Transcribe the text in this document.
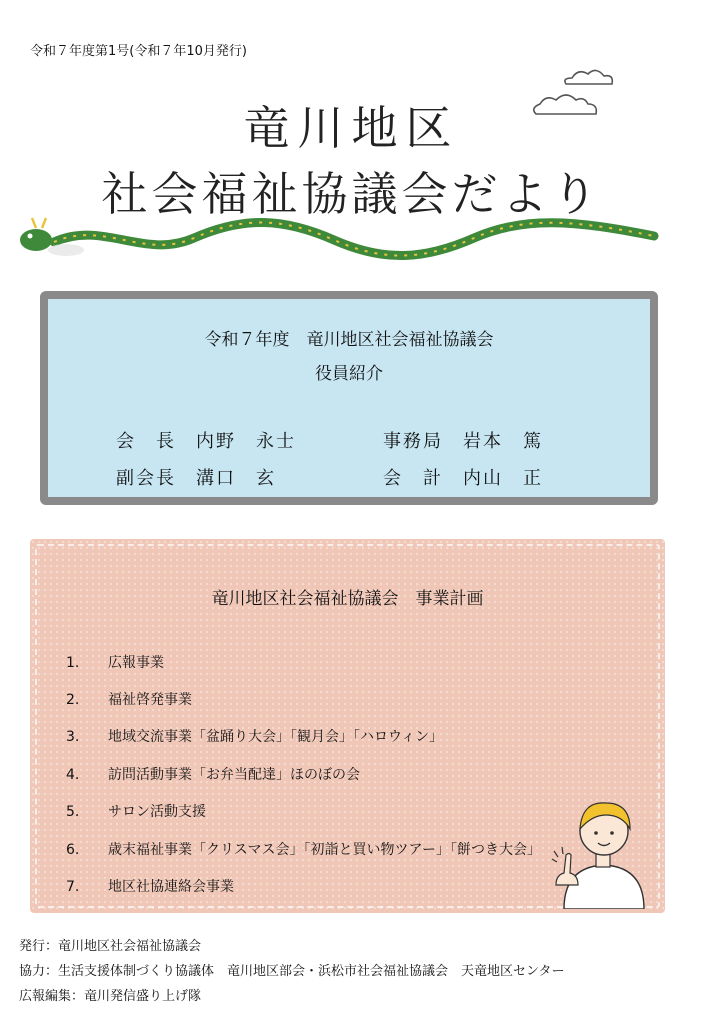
令和７年度第1号(令和７年10月発行)
竜川地区
社会福祉協議会だより
令和７年度　竜川地区社会福祉協議会
役員紹介
会　長　内野　永士
副会長　溝口　玄
事務局　岩本　篤
会　計　内山　正
竜川地区社会福祉協議会　事業計画
1. 広報事業
2. 福祉啓発事業
3. 地域交流事業「盆踊り大会」「観月会」「ハロウィン」
4. 訪問活動事業「お弁当配達」ほのぼの会
5. サロン活動支援
6. 歳末福祉事業「クリスマス会」「初詣と買い物ツアー」「餅つき大会」
7. 地区社協連絡会事業
発行：竜川地区社会福祉協議会
協力：生活支援体制づくり協議体　竜川地区部会・浜松市社会福祉協議会　天竜地区センター
広報編集：竜川発信盛り上げ隊
